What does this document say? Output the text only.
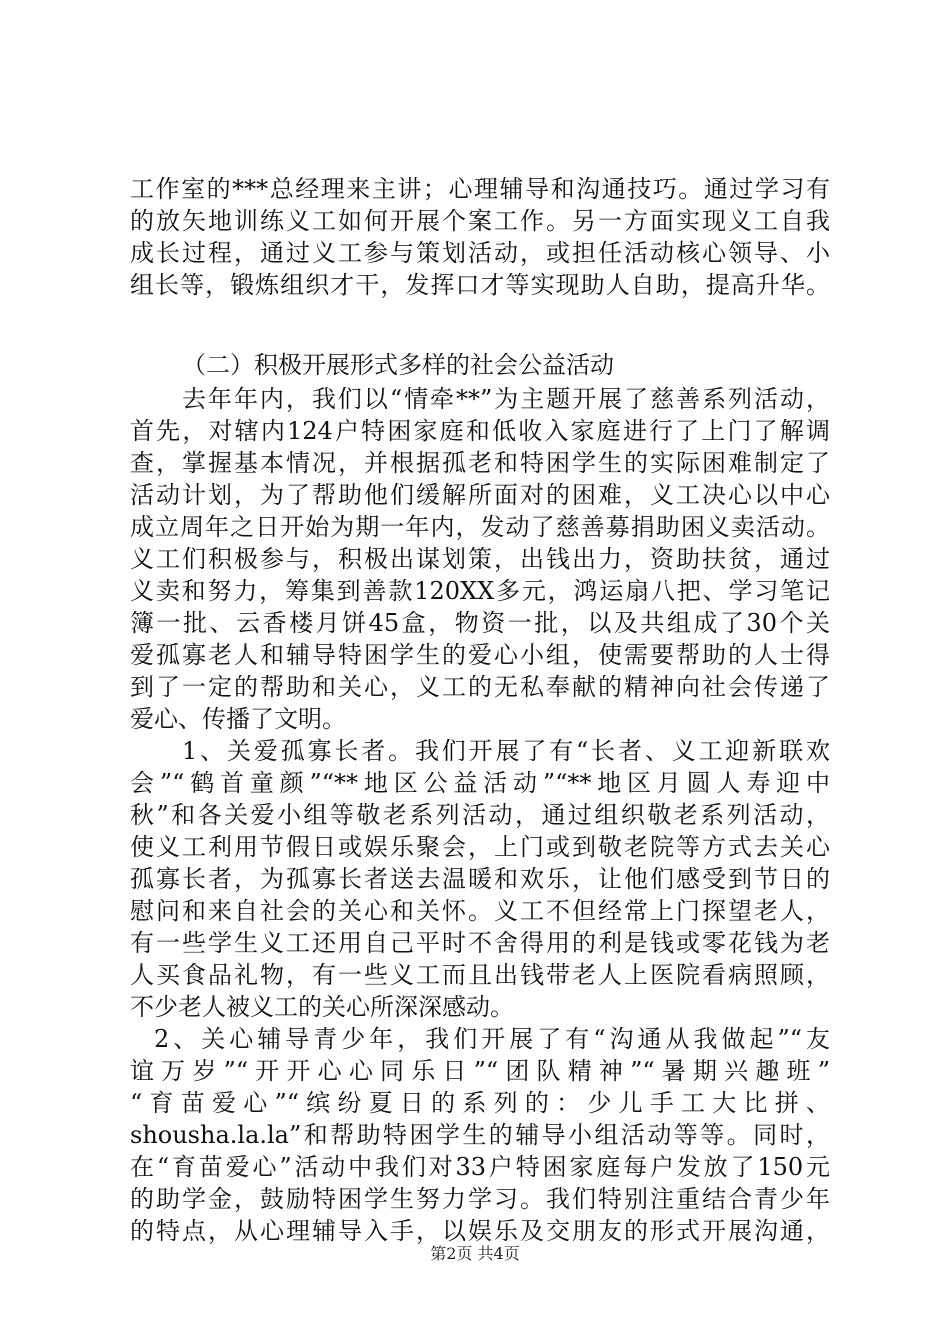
工作室的***总经理来主讲；心理辅导和沟通技巧。通过学习有
的放矢地训练义工如何开展个案工作。另一方面实现义工自我
成长过程，通过义工参与策划活动，或担任活动核心领导、小
组长等，锻炼组织才干，发挥口才等实现助人自助，提高升华。
（二）积极开展形式多样的社会公益活动
去年年内，我们以“情牵**”为主题开展了慈善系列活动，
首先，对辖内124户特困家庭和低收入家庭进行了上门了解调
查，掌握基本情况，并根据孤老和特困学生的实际困难制定了
活动计划，为了帮助他们缓解所面对的困难，义工决心以中心
成立周年之日开始为期一年内，发动了慈善募捐助困义卖活动。
义工们积极参与，积极出谋划策，出钱出力，资助扶贫，通过
义卖和努力，筹集到善款120XX多元，鸿运扇八把、学习笔记
簿一批、云香楼月饼45盒，物资一批，以及共组成了30个关
爱孤寡老人和辅导特困学生的爱心小组，使需要帮助的人士得
到了一定的帮助和关心，义工的无私奉献的精神向社会传递了
爱心、传播了文明。
1、关爱孤寡长者。我们开展了有“长者、义工迎新联欢
会”“鹤首童颜”“**地区公益活动”“**地区月圆人寿迎中
秋”和各关爱小组等敬老系列活动，通过组织敬老系列活动，
使义工利用节假日或娱乐聚会，上门或到敬老院等方式去关心
孤寡长者，为孤寡长者送去温暖和欢乐，让他们感受到节日的
慰问和来自社会的关心和关怀。义工不但经常上门探望老人，
有一些学生义工还用自己平时不舍得用的利是钱或零花钱为老
人买食品礼物，有一些义工而且出钱带老人上医院看病照顾，
不少老人被义工的关心所深深感动。
2、关心辅导青少年，我们开展了有“沟通从我做起”“友
谊万岁”“开开心心同乐日”“团队精神”“暑期兴趣班”
“育苗爱心”“缤纷夏日的系列的：少儿手工大比拼、
shousha.la.la”和帮助特困学生的辅导小组活动等等。同时，
在“育苗爱心”活动中我们对33户特困家庭每户发放了150元
的助学金，鼓励特困学生努力学习。我们特别注重结合青少年
的特点，从心理辅导入手，以娱乐及交朋友的形式开展沟通，
第2页 共4页
